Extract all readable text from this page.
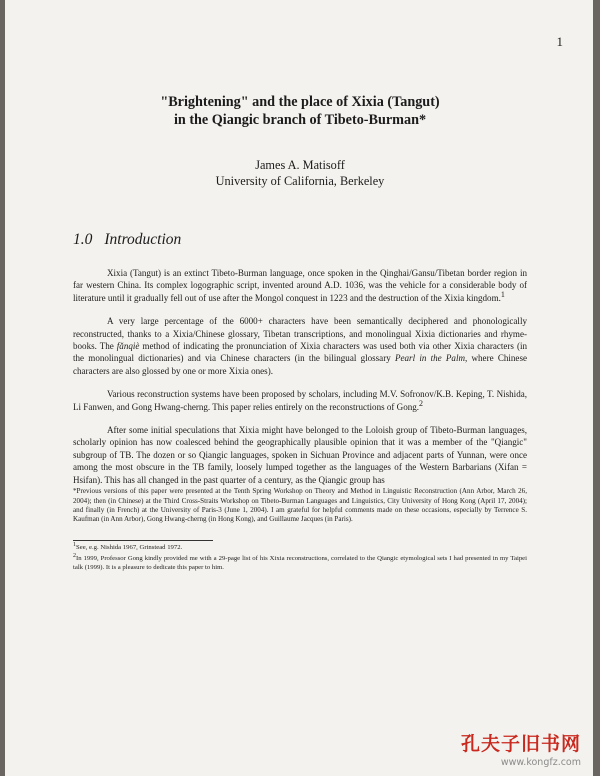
1
"Brightening" and the place of Xixia (Tangut)
in the Qiangic branch of Tibeto-Burman*
James A. Matisoff
University of California, Berkeley
1.0 Introduction

Xixia (Tangut) is an extinct Tibeto-Burman language, once spoken in the Qinghai/Gansu/Tibetan border region in far western China. Its complex logographic script, invented around A.D. 1036, was the vehicle for a considerable body of literature until it gradually fell out of use after the Mongol conquest in 1223 and the destruction of the Xixia kingdom.$^1$

A very large percentage of the 6000+ characters have been semantically deciphered and phonologically reconstructed, thanks to a Xixia/Chinese glossary, Tibetan transcriptions, and monolingual Xixia dictionaries and rhyme-books. The fǎnqiè method of indicating the pronunciation of Xixia characters was used both via other Xixia characters (in the monolingual dictionaries) and via Chinese characters (in the bilingual glossary Pearl in the Palm, where Chinese characters are also glossed by one or more Xixia ones).

Various reconstruction systems have been proposed by scholars, including M.V. Sofronov/K.B. Keping, T. Nishida, Li Fanwen, and Gong Hwang-cherng. This paper relies entirely on the reconstructions of Gong.$^2$

After some initial speculations that Xixia might have belonged to the Loloish group of Tibeto-Burman languages, scholarly opinion has now coalesced behind the geographically plausible opinion that it was a member of the "Qiangic" subgroup of TB. The dozen or so Qiangic languages, spoken in Sichuan Province and adjacent parts of Yunnan, were once among the most obscure in the TB family, loosely lumped together as the languages of the Western Barbarians (Xifan = Hsifan). This has all changed in the past quarter of a century, as the Qiangic group has

*Previous versions of this paper were presented at the Tenth Spring Workshop on Theory and Method in Linguistic Reconstruction (Ann Arbor, March 26, 2004); then (in Chinese) at the Third Cross-Straits Workshop on Tibeto-Burman Languages and Linguistics, City University of Hong Kong (April 17, 2004); and finally (in French) at the University of Paris-3 (June 1, 2004). I am grateful for helpful comments made on these occasions, especially by Terrence S. Kaufman (in Ann Arbor), Gong Hwang-cherng (in Hong Kong), and Guillaume Jacques (in Paris).

$^1$See, e.g. Nishida 1967, Grinstead 1972.

$^2$In 1999, Professor Gong kindly provided me with a 29-page list of his Xixia reconstructions, correlated to the Qiangic etymological sets I had presented in my Taipei talk (1999). It is a pleasure to dedicate this paper to him.

孔夫子旧书网
www.kongfz.com
